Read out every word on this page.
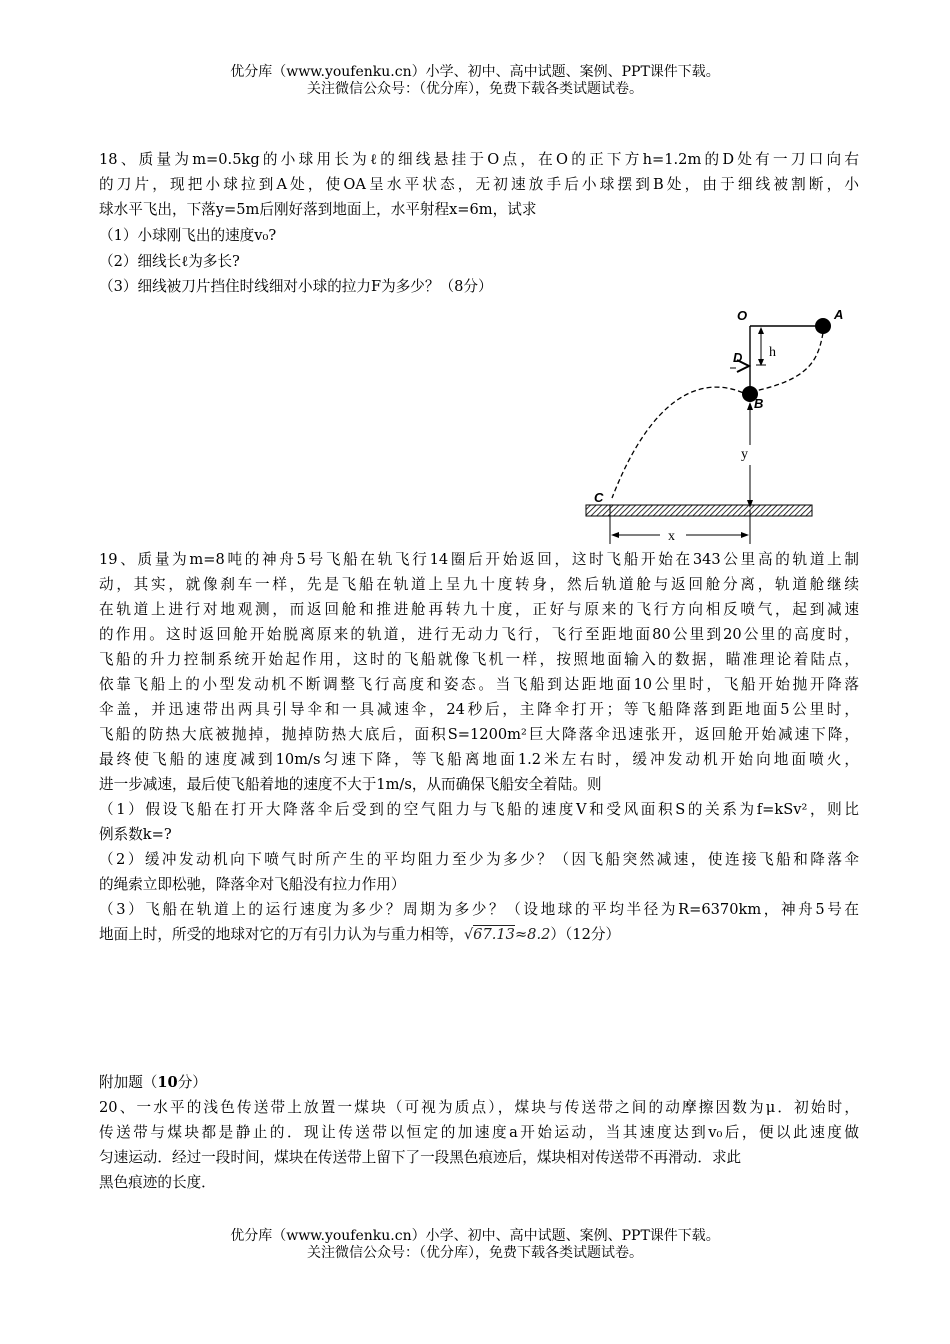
优分库（www.youfenku.cn）小学、初中、高中试题、案例、PPT课件下载。
关注微信公众号：（优分库），免费下载各类试题试卷。
18、质量为m=0.5kg的小球用长为ℓ的细线悬挂于O点，在O的正下方h=1.2m的D处有一刀口向右
的刀片，现把小球拉到A处，使OA呈水平状态，无初速放手后小球摆到B处，由于细线被割断，小
球水平飞出，下落y=5m后刚好落到地面上，水平射程x=6m，试求
（1）小球刚飞出的速度v₀?
（2）细线长ℓ为多长?
（3）细线被刀片挡住时线细对小球的拉力F为多少？（8分）
O	A
D
B
C
h
y
x
19、质量为m=8吨的神舟5号飞船在轨飞行14圈后开始返回，这时飞船开始在343公里高的轨道上制
动，其实，就像刹车一样，先是飞船在轨道上呈九十度转身，然后轨道舱与返回舱分离，轨道舱继续
在轨道上进行对地观测，而返回舱和推进舱再转九十度，正好与原来的飞行方向相反喷气，起到减速
的作用。这时返回舱开始脱离原来的轨道，进行无动力飞行，飞行至距地面80公里到20公里的高度时，
飞船的升力控制系统开始起作用，这时的飞船就像飞机一样，按照地面输入的数据，瞄准理论着陆点，
依靠飞船上的小型发动机不断调整飞行高度和姿态。当飞船到达距地面10公里时，飞船开始抛开降落
伞盖，并迅速带出两具引导伞和一具减速伞，24秒后，主降伞打开；等飞船降落到距地面5公里时，
飞船的防热大底被抛掉，抛掉防热大底后，面积S=1200m²巨大降落伞迅速张开，返回舱开始减速下降，
最终使飞船的速度减到10m/s匀速下降，等飞船离地面1.2米左右时，缓冲发动机开始向地面喷火，
进一步减速，最后使飞船着地的速度不大于1m/s，从而确保飞船安全着陆。则
（1）假设飞船在打开大降落伞后受到的空气阻力与飞船的速度V和受风面积S的关系为f=kSv²，则比
例系数k=?
（2）缓冲发动机向下喷气时所产生的平均阻力至少为多少？（因飞船突然减速，使连接飞船和降落伞
的绳索立即松驰，降落伞对飞船没有拉力作用）
（3）飞船在轨道上的运行速度为多少？周期为多少？（设地球的平均半径为R=6370km，神舟5号在
地面上时，所受的地球对它的万有引力认为与重力相等，√67.13≈8.2）（12分）
附加题（10分）
20、一水平的浅色传送带上放置一煤块（可视为质点），煤块与传送带之间的动摩擦因数为μ．初始时，
传送带与煤块都是静止的．现让传送带以恒定的加速度a开始运动，当其速度达到v₀后，便以此速度做
匀速运动．经过一段时间，煤块在传送带上留下了一段黑色痕迹后，煤块相对传送带不再滑动．求此
黑色痕迹的长度．
优分库（www.youfenku.cn）小学、初中、高中试题、案例、PPT课件下载。
关注微信公众号：（优分库），免费下载各类试题试卷。
